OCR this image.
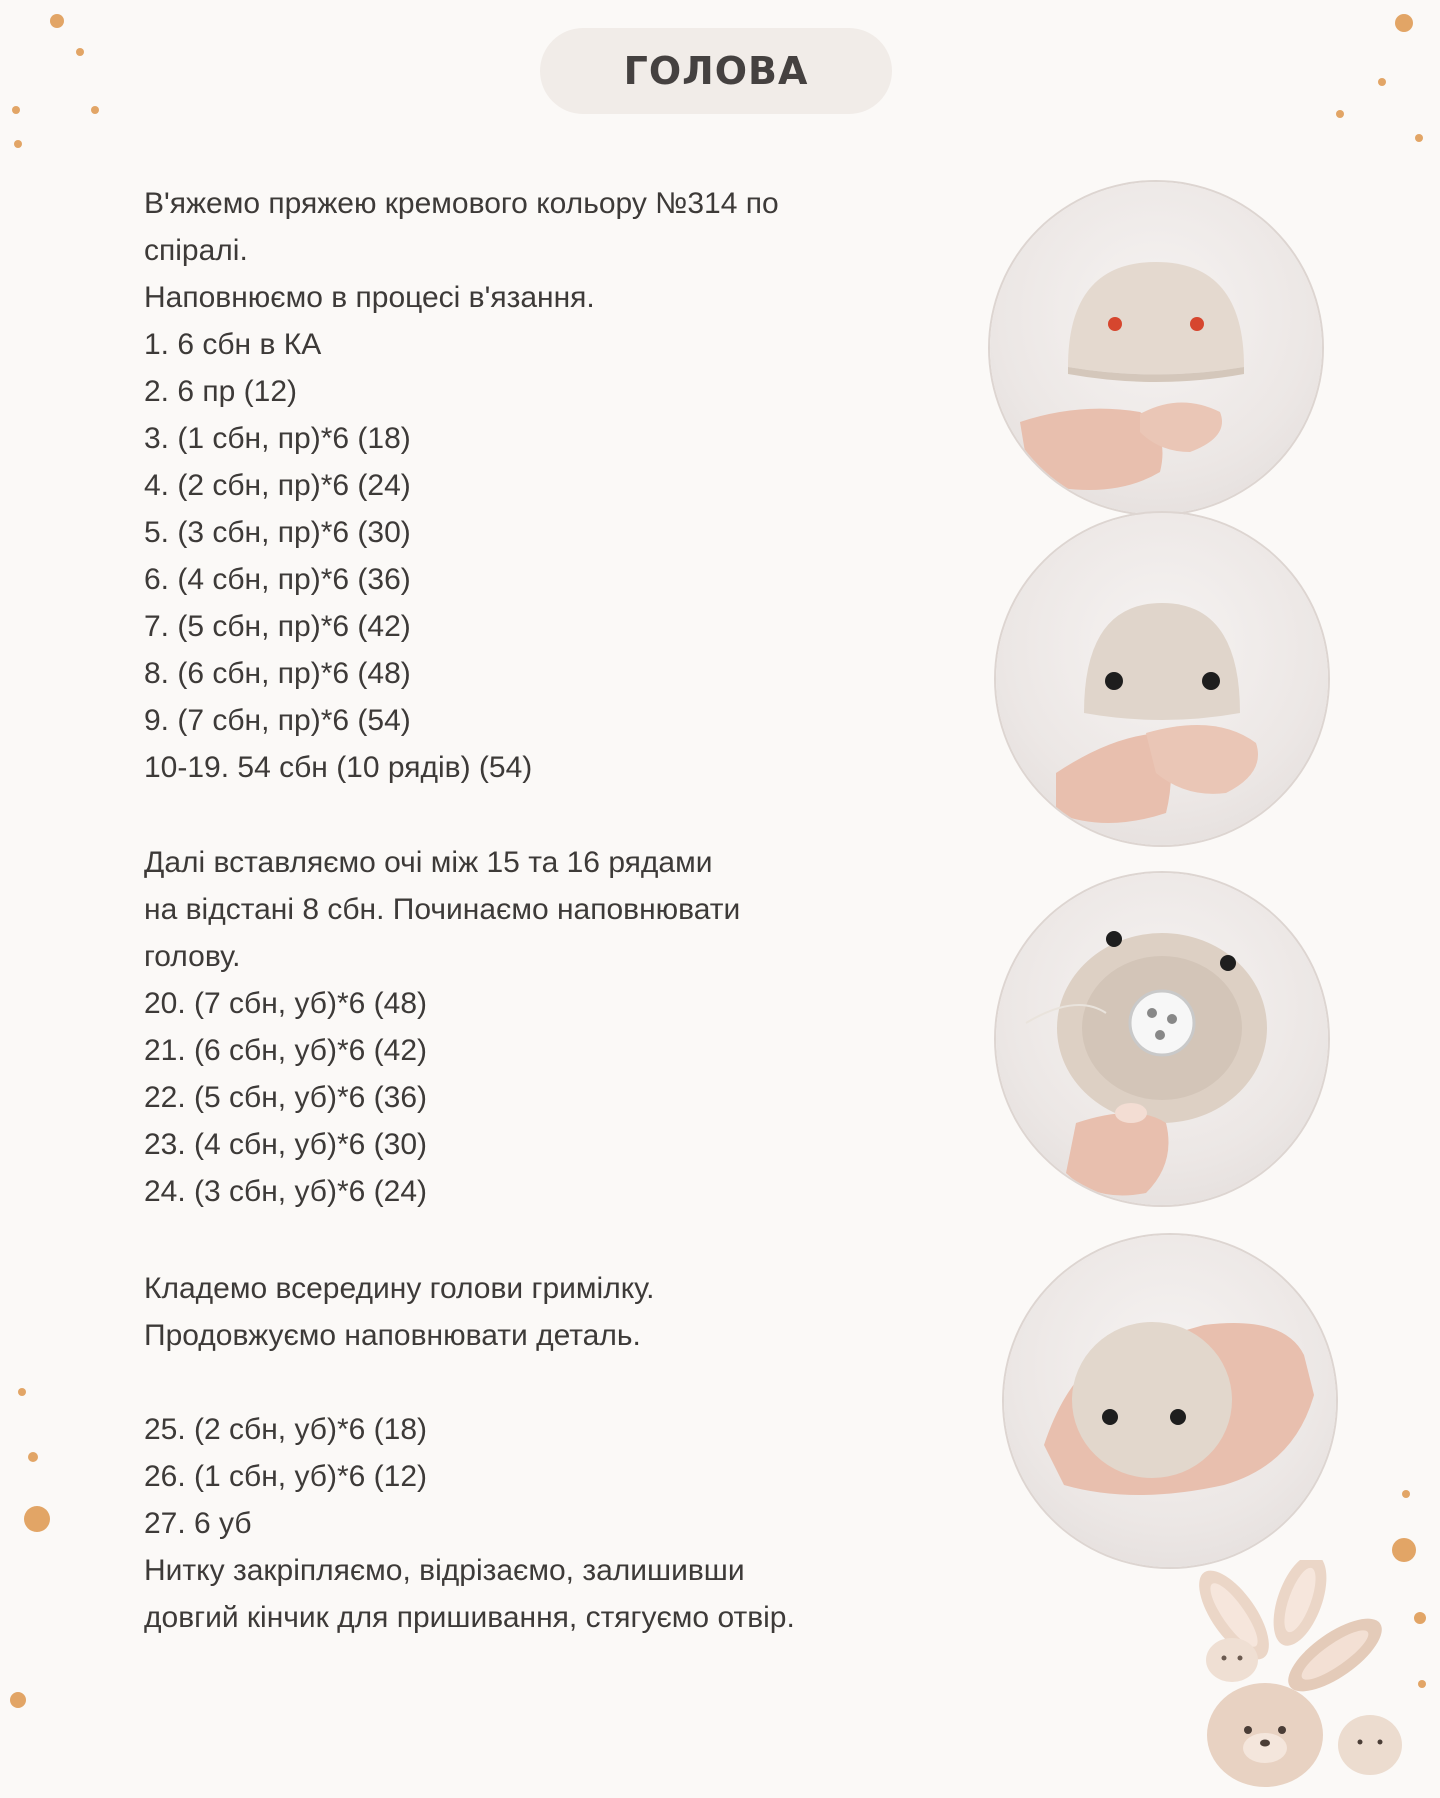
ГОЛОВА
В'яжемо пряжею кремового кольору №314 по
спіралі.
Наповнюємо в процесі в'язання.
1. 6 сбн в КА
2. 6 пр (12)
3. (1 сбн, пр)*6 (18)
4. (2 сбн, пр)*6 (24)
5. (3 сбн, пр)*6 (30)
6. (4 сбн, пр)*6 (36)
7. (5 сбн, пр)*6 (42)
8. (6 сбн, пр)*6 (48)
9. (7 сбн, пр)*6 (54)
10-19. 54 сбн (10 рядів) (54)
Далі вставляємо очі між 15 та 16 рядами
на відстані 8 сбн. Починаємо наповнювати
голову.
20. (7 сбн, уб)*6 (48)
21. (6 сбн, уб)*6 (42)
22. (5 сбн, уб)*6 (36)
23. (4 сбн, уб)*6 (30)
24. (3 сбн, уб)*6 (24)
Кладемо всередину голови гримілку.
Продовжуємо наповнювати деталь.
25. (2 сбн, уб)*6 (18)
26. (1 сбн, уб)*6 (12)
27. 6 уб
Нитку закріпляємо, відрізаємо, залишивши
довгий кінчик для пришивання, стягуємо отвір.
